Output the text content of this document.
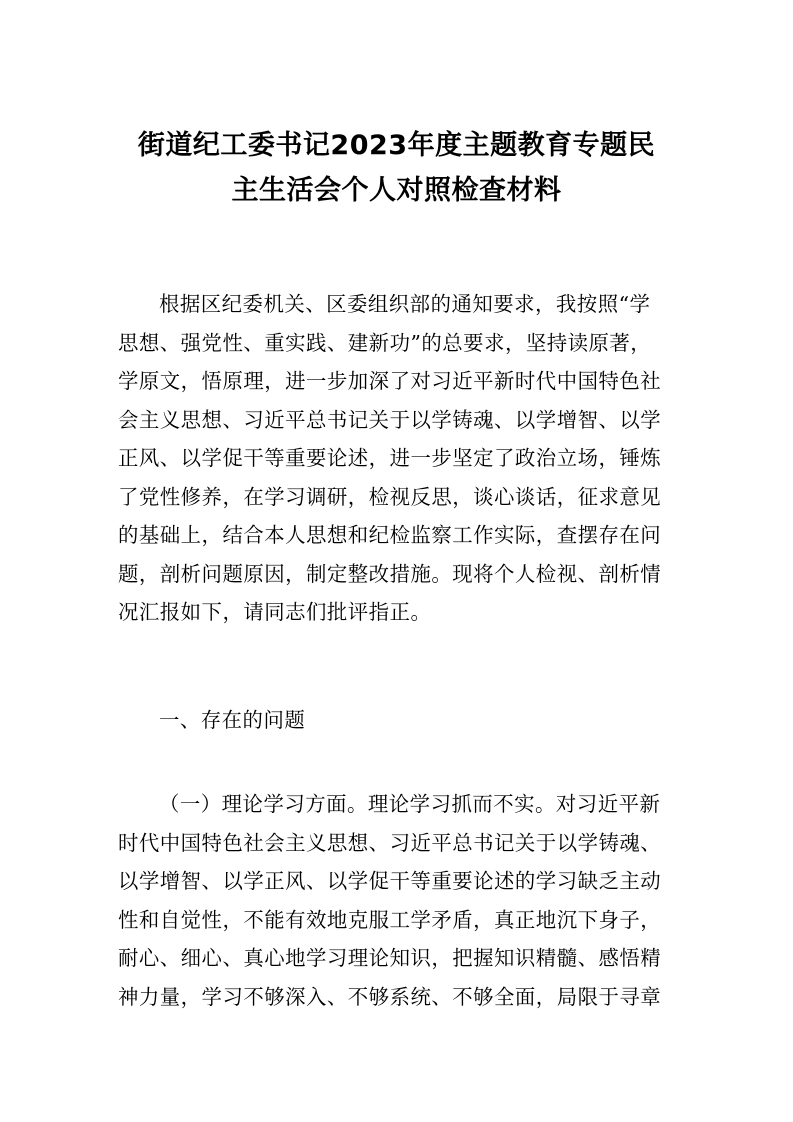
街道纪工委书记2023年度主题教育专题民
主生活会个人对照检查材料
根据区纪委机关、区委组织部的通知要求，我按照“学
思想、强党性、重实践、建新功”的总要求，坚持读原著，
学原文，悟原理，进一步加深了对习近平新时代中国特色社
会主义思想、习近平总书记关于以学铸魂、以学增智、以学
正风、以学促干等重要论述，进一步坚定了政治立场，锤炼
了党性修养，在学习调研，检视反思，谈心谈话，征求意见
的基础上，结合本人思想和纪检监察工作实际，查摆存在问
题，剖析问题原因，制定整改措施。现将个人检视、剖析情
况汇报如下，请同志们批评指正。
一、存在的问题
（一）理论学习方面。理论学习抓而不实。对习近平新
时代中国特色社会主义思想、习近平总书记关于以学铸魂、
以学增智、以学正风、以学促干等重要论述的学习缺乏主动
性和自觉性，不能有效地克服工学矛盾，真正地沉下身子，
耐心、细心、真心地学习理论知识，把握知识精髓、感悟精
神力量，学习不够深入、不够系统、不够全面，局限于寻章
